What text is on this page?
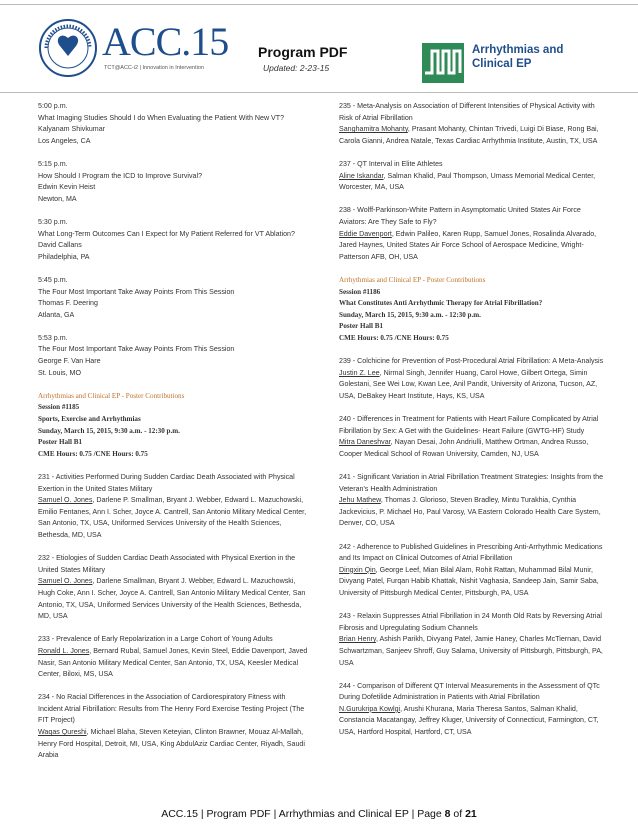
ACC.15
TCT@ACC-i2 | Innovation in Intervention
Program PDF
Updated: 2-23-15
Arrhythmias and Clinical EP
5:00 p.m.
What Imaging Studies Should I do When Evaluating the Patient With New VT?
Kalyanam Shivkumar
Los Angeles, CA
5:15 p.m.
How Should I Program the ICD to Improve Survival?
Edwin Kevin Heist
Newton, MA
5:30 p.m.
What Long-Term Outcomes Can I Expect for My Patient Referred for VT Ablation?
David Callans
Philadelphia, PA
5:45 p.m.
The Four Most Important Take Away Points From This Session
Thomas F. Deering
Atlanta, GA
5:53 p.m.
The Four Most Important Take Away Points From This Session
George F. Van Hare
St. Louis, MO
Arrhythmias and Clinical EP - Poster Contributions
Session #1185
Sports, Exercise and Arrhythmias
Sunday, March 15, 2015, 9:30 a.m. - 12:30 p.m.
Poster Hall B1
CME Hours: 0.75 /CNE Hours: 0.75
231 - Activities Performed During Sudden Cardiac Death Associated with Physical Exertion in the United States Military
Samuel O. Jones, Darlene P. Smallman, Bryant J. Webber, Edward L. Mazuchowski, Emilio Fentanes, Ann I. Scher, Joyce A. Cantrell, San Antonio Military Medical Center, San Antonio, TX, USA, Uniformed Services University of the Health Sciences, Bethesda, MD, USA
232 - Etiologies of Sudden Cardiac Death Associated with Physical Exertion in the United States Military
Samuel O. Jones, Darlene Smallman, Bryant J. Webber, Edward L. Mazuchowski, Hugh Coke, Ann I. Scher, Joyce A. Cantrell, San Antonio Military Medical Center, San Antonio, TX, USA, Uniformed Services University of the Health Sciences, Bethesda, MD, USA
233 - Prevalence of Early Repolarization in a Large Cohort of Young Adults
Ronald L. Jones, Bernard Rubal, Samuel Jones, Kevin Steel, Eddie Davenport, Javed Nasir, San Antonio Military Medical Center, San Antonio, TX, USA, Keesler Medical Center, Biloxi, MS, USA
234 - No Racial Differences in the Association of Cardiorespiratory Fitness with Incident Atrial Fibrillation: Results from The Henry Ford Exercise Testing Project (The FIT Project)
Waqas Qureshi, Michael Blaha, Steven Keteyian, Clinton Brawner, Mouaz Al-Mallah, Henry Ford Hospital, Detroit, MI, USA, King AbdulAziz Cardiac Center, Riyadh, Saudi Arabia
235 - Meta-Analysis on Association of Different Intensities of Physical Activity with Risk of Atrial Fibrillation
Sanghamitra Mohanty, Prasant Mohanty, Chintan Trivedi, Luigi Di Biase, Rong Bai, Carola Gianni, Andrea Natale, Texas Cardiac Arrhythmia Institute, Austin, TX, USA
237 - QT Interval in Elite Athletes
Aline Iskandar, Salman Khalid, Paul Thompson, Umass Memorial Medical Center, Worcester, MA, USA
238 - Wolff-Parkinson-White Pattern in Asymptomatic United States Air Force Aviators: Are They Safe to Fly?
Eddie Davenport, Edwin Palileo, Karen Rupp, Samuel Jones, Rosalinda Alvarado, Jared Haynes, United States Air Force School of Aerospace Medicine, Wright-Patterson AFB, OH, USA
Arrhythmias and Clinical EP - Poster Contributions
Session #1186
What Constitutes Anti Arrhythmic Therapy for Atrial Fibrillation?
Sunday, March 15, 2015, 9:30 a.m. - 12:30 p.m.
Poster Hall B1
CME Hours: 0.75 /CNE Hours: 0.75
239 - Colchicine for Prevention of Post-Procedural Atrial Fibrillation: A Meta-Analysis
Justin Z. Lee, Nirmal Singh, Jennifer Huang, Carol Howe, Gilbert Ortega, Simin Golestani, See Wei Low, Kwan Lee, Anil Pandit, University of Arizona, Tucson, AZ, USA, DeBakey Heart Institute, Hays, KS, USA
240 - Differences in Treatment for Patients with Heart Failure Complicated by Atrial Fibrillation by Sex: A Get with the Guidelines- Heart Failure (GWTG-HF) Study
Mitra Daneshvar, Nayan Desai, John Andriulli, Matthew Ortman, Andrea Russo, Cooper Medical School of Rowan University, Camden, NJ, USA
241 - Significant Variation in Atrial Fibrillation Treatment Strategies: Insights from the Veteran's Health Administration
Jehu Mathew, Thomas J. Glorioso, Steven Bradley, Mintu Turakhia, Cynthia Jackevicius, P. Michael Ho, Paul Varosy, VA Eastern Colorado Health Care System, Denver, CO, USA
242 - Adherence to Published Guidelines in Prescribing Anti-Arrhythmic Medications and Its Impact on Clinical Outcomes of Atrial Fibrillation
Dingxin Qin, George Leef, Mian Bilal Alam, Rohit Rattan, Muhammad Bilal Munir, Divyang Patel, Furqan Habib Khattak, Nishit Vaghasia, Sandeep Jain, Samir Saba, University of Pittsburgh Medical Center, Pittsburgh, PA, USA
243 - Relaxin Suppresses Atrial Fibrillation in 24 Month Old Rats by Reversing Atrial Fibrosis and Upregulating Sodium Channels
Brian Henry, Ashish Parikh, Divyang Patel, Jamie Haney, Charles McTiernan, David Schwartzman, Sanjeev Shroff, Guy Salama, University of Pittsburgh, Pittsburgh, PA, USA
244 - Comparison of Different QT Interval Measurements in the Assessment of QTc During Dofetilide Administration in Patients with Atrial Fibrillation
N.Gurukripa Kowlgi, Arushi Khurana, Maria Theresa Santos, Salman Khalid, Constancia Macatangay, Jeffrey Kluger, University of Connecticut, Farmington, CT, USA, Hartford Hospital, Hartford, CT, USA
ACC.15 | Program PDF | Arrhythmias and Clinical EP | Page 8 of 21
